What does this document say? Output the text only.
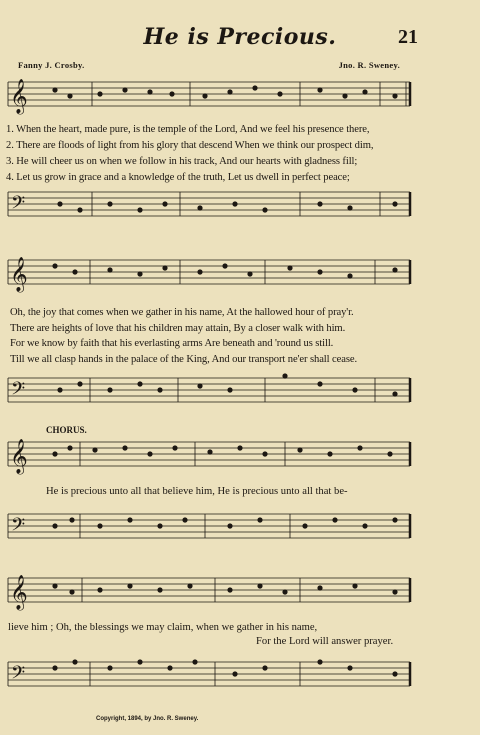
He is Precious.	21
Fanny J. Crosby.	Jno. R. Sweney.
𝄞
1. When the heart, made pure, is the temple of the Lord, And we feel his presence there,
2. There are floods of light from his glory that descend When we think our prospect dim,
3. He will cheer us on when we follow in his track, And our hearts with gladness fill;
4. Let us grow in grace and a knowledge of the truth, Let us dwell in perfect peace;
𝄢
𝄞
Oh, the joy that comes when we gather in his name, At the hallowed hour of pray'r.
There are heights of love that his children may attain, By a closer walk with him.
For we know by faith that his everlasting arms Are beneath and 'round us still.
Till we all clasp hands in the palace of the King, And our transport ne'er shall cease.
𝄢
CHORUS.
𝄞
He is precious unto all that believe him, He is precious unto all that be-
𝄢
𝄞
lieve him ; Oh, the blessings we may claim, when we gather in his name,
For the Lord will answer prayer.
𝄢
Copyright, 1894, by Jno. R. Sweney.
